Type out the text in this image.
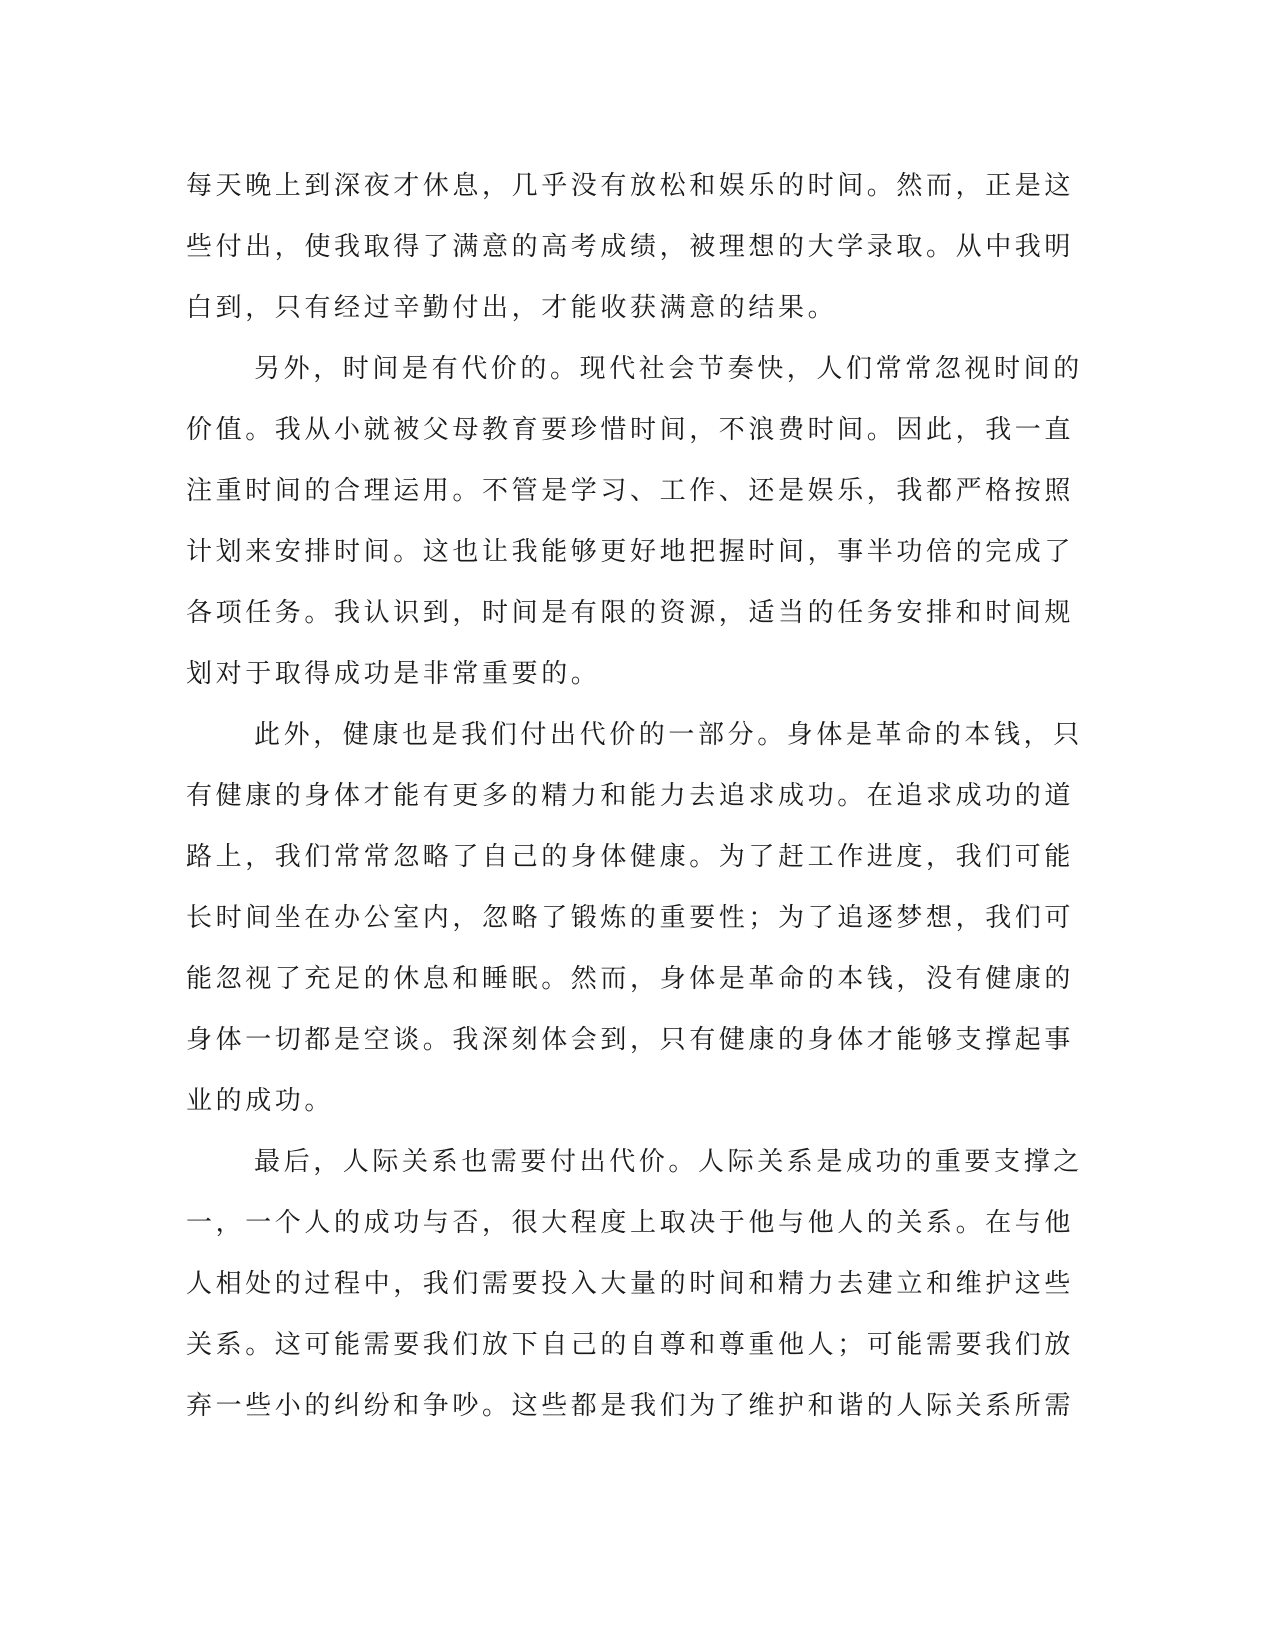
每天晚上到深夜才休息，几乎没有放松和娱乐的时间。然而，正是这
些付出，使我取得了满意的高考成绩，被理想的大学录取。从中我明
白到，只有经过辛勤付出，才能收获满意的结果。
另外，时间是有代价的。现代社会节奏快，人们常常忽视时间的
价值。我从小就被父母教育要珍惜时间，不浪费时间。因此，我一直
注重时间的合理运用。不管是学习、工作、还是娱乐，我都严格按照
计划来安排时间。这也让我能够更好地把握时间，事半功倍的完成了
各项任务。我认识到，时间是有限的资源，适当的任务安排和时间规
划对于取得成功是非常重要的。
此外，健康也是我们付出代价的一部分。身体是革命的本钱，只
有健康的身体才能有更多的精力和能力去追求成功。在追求成功的道
路上，我们常常忽略了自己的身体健康。为了赶工作进度，我们可能
长时间坐在办公室内，忽略了锻炼的重要性；为了追逐梦想，我们可
能忽视了充足的休息和睡眠。然而，身体是革命的本钱，没有健康的
身体一切都是空谈。我深刻体会到，只有健康的身体才能够支撑起事
业的成功。
最后，人际关系也需要付出代价。人际关系是成功的重要支撑之
一，一个人的成功与否，很大程度上取决于他与他人的关系。在与他
人相处的过程中，我们需要投入大量的时间和精力去建立和维护这些
关系。这可能需要我们放下自己的自尊和尊重他人；可能需要我们放
弃一些小的纠纷和争吵。这些都是我们为了维护和谐的人际关系所需
